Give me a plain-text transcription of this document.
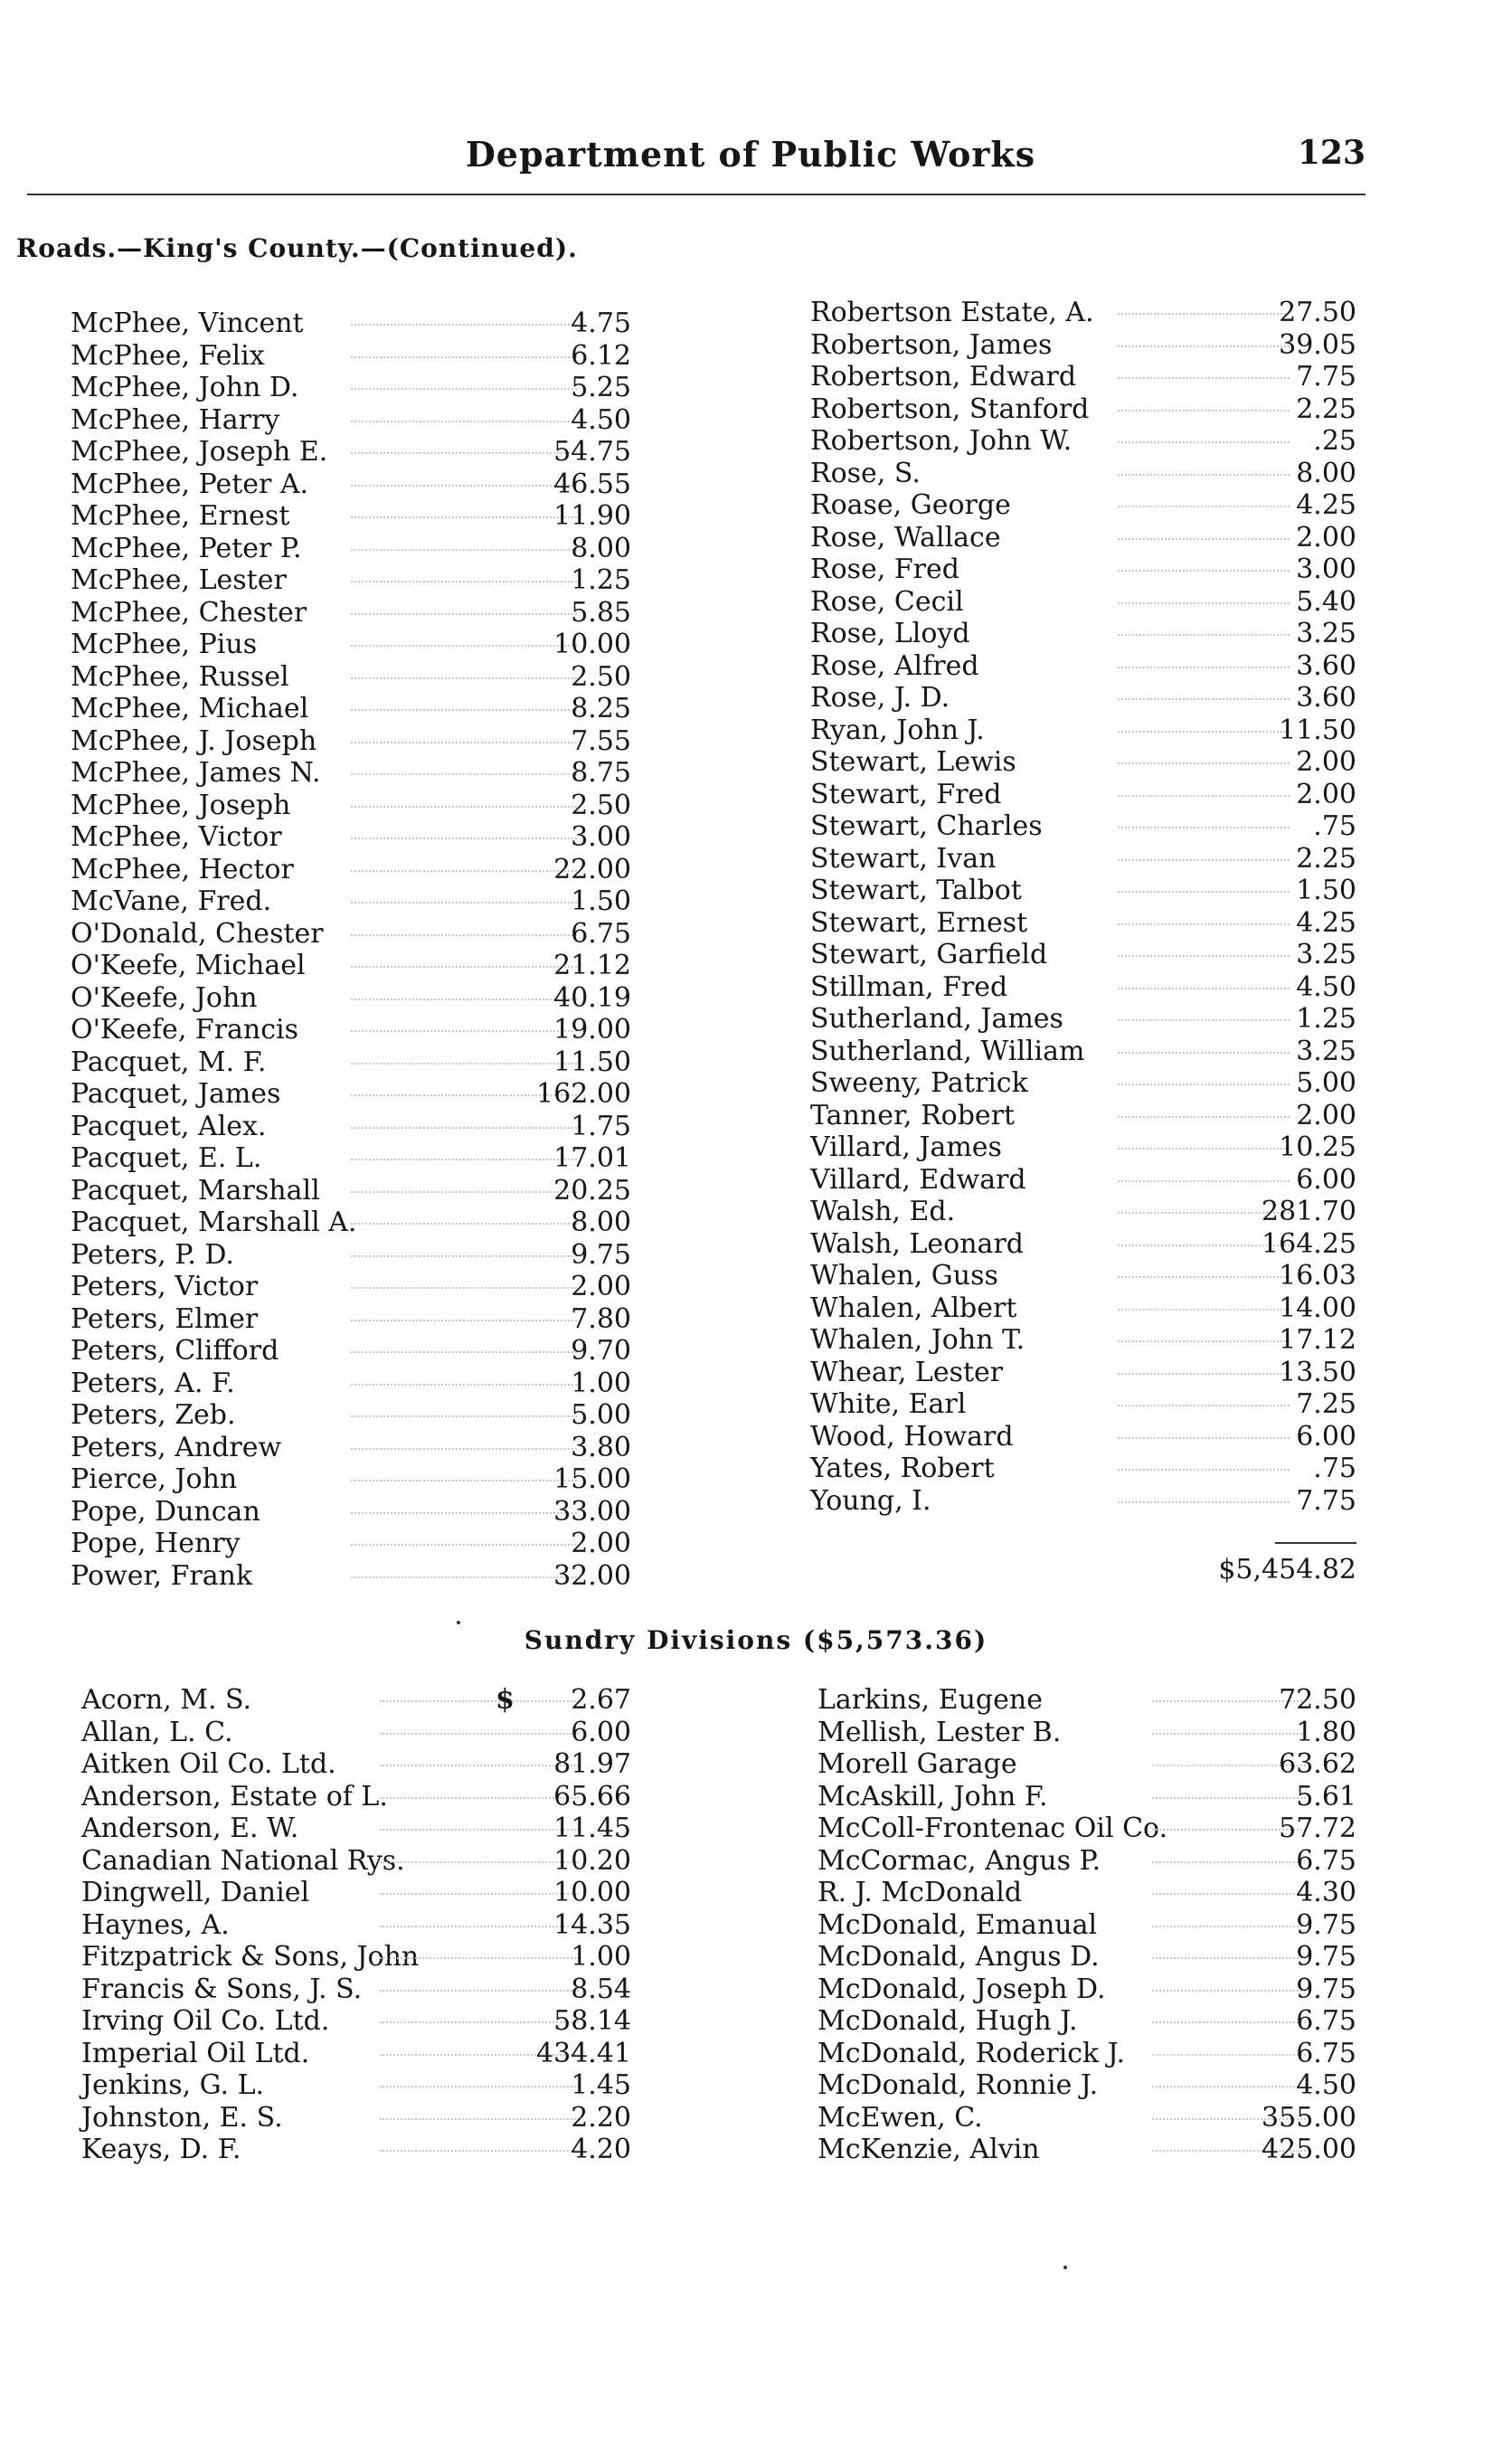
Department of Public Works	123
Roads.—King's County.—(Continued).
McPhee, Vincent	4.75
McPhee, Felix	6.12
McPhee, John D.	5.25
McPhee, Harry	4.50
McPhee, Joseph E.	54.75
McPhee, Peter A.	46.55
McPhee, Ernest	11.90
McPhee, Peter P.	8.00
McPhee, Lester	1.25
McPhee, Chester	5.85
McPhee, Pius	10.00
McPhee, Russel	2.50
McPhee, Michael	8.25
McPhee, J. Joseph	7.55
McPhee, James N.	8.75
McPhee, Joseph	2.50
McPhee, Victor	3.00
McPhee, Hector	22.00
McVane, Fred.	1.50
O'Donald, Chester	6.75
O'Keefe, Michael	21.12
O'Keefe, John	40.19
O'Keefe, Francis	19.00
Pacquet, M. F.	11.50
Pacquet, James	162.00
Pacquet, Alex.	1.75
Pacquet, E. L.	17.01
Pacquet, Marshall	20.25
Pacquet, Marshall A.	8.00
Peters, P. D.	9.75
Peters, Victor	2.00
Peters, Elmer	7.80
Peters, Clifford	9.70
Peters, A. F.	1.00
Peters, Zeb.	5.00
Peters, Andrew	3.80
Pierce, John	15.00
Pope, Duncan	33.00
Pope, Henry	2.00
Power, Frank	32.00
Robertson Estate, A.	27.50
Robertson, James	39.05
Robertson, Edward	7.75
Robertson, Stanford	2.25
Robertson, John W.	.25
Rose, S.	8.00
Roase, George	4.25
Rose, Wallace	2.00
Rose, Fred	3.00
Rose, Cecil	5.40
Rose, Lloyd	3.25
Rose, Alfred	3.60
Rose, J. D.	3.60
Ryan, John J.	11.50
Stewart, Lewis	2.00
Stewart, Fred	2.00
Stewart, Charles	.75
Stewart, Ivan	2.25
Stewart, Talbot	1.50
Stewart, Ernest	4.25
Stewart, Garfield	3.25
Stillman, Fred	4.50
Sutherland, James	1.25
Sutherland, William	3.25
Sweeny, Patrick	5.00
Tanner, Robert	2.00
Villard, James	10.25
Villard, Edward	6.00
Walsh, Ed.	281.70
Walsh, Leonard	164.25
Whalen, Guss	16.03
Whalen, Albert	14.00
Whalen, John T.	17.12
Whear, Lester	13.50
White, Earl	7.25
Wood, Howard	6.00
Yates, Robert	.75
Young, I.	7.75
$5,454.82
Sundry Divisions ($5,573.36)
Acorn, M. S.	$	2.67
Allan, L. C.	6.00
Aitken Oil Co. Ltd.	81.97
Anderson, Estate of L.	65.66
Anderson, E. W.	11.45
Canadian National Rys.	10.20
Dingwell, Daniel	10.00
Haynes, A.	14.35
Fitzpatrick & Sons, John	1.00
Francis & Sons, J. S.	8.54
Irving Oil Co. Ltd.	58.14
Imperial Oil Ltd.	434.41
Jenkins, G. L.	1.45
Johnston, E. S.	2.20
Keays, D. F.	4.20
Larkins, Eugene	72.50
Mellish, Lester B.	1.80
Morell Garage	63.62
McAskill, John F.	5.61
McColl-Frontenac Oil Co.	57.72
McCormac, Angus P.	6.75
R. J. McDonald	4.30
McDonald, Emanual	9.75
McDonald, Angus D.	9.75
McDonald, Joseph D.	9.75
McDonald, Hugh J.	6.75
McDonald, Roderick J.	6.75
McDonald, Ronnie J.	4.50
McEwen, C.	355.00
McKenzie, Alvin	425.00
